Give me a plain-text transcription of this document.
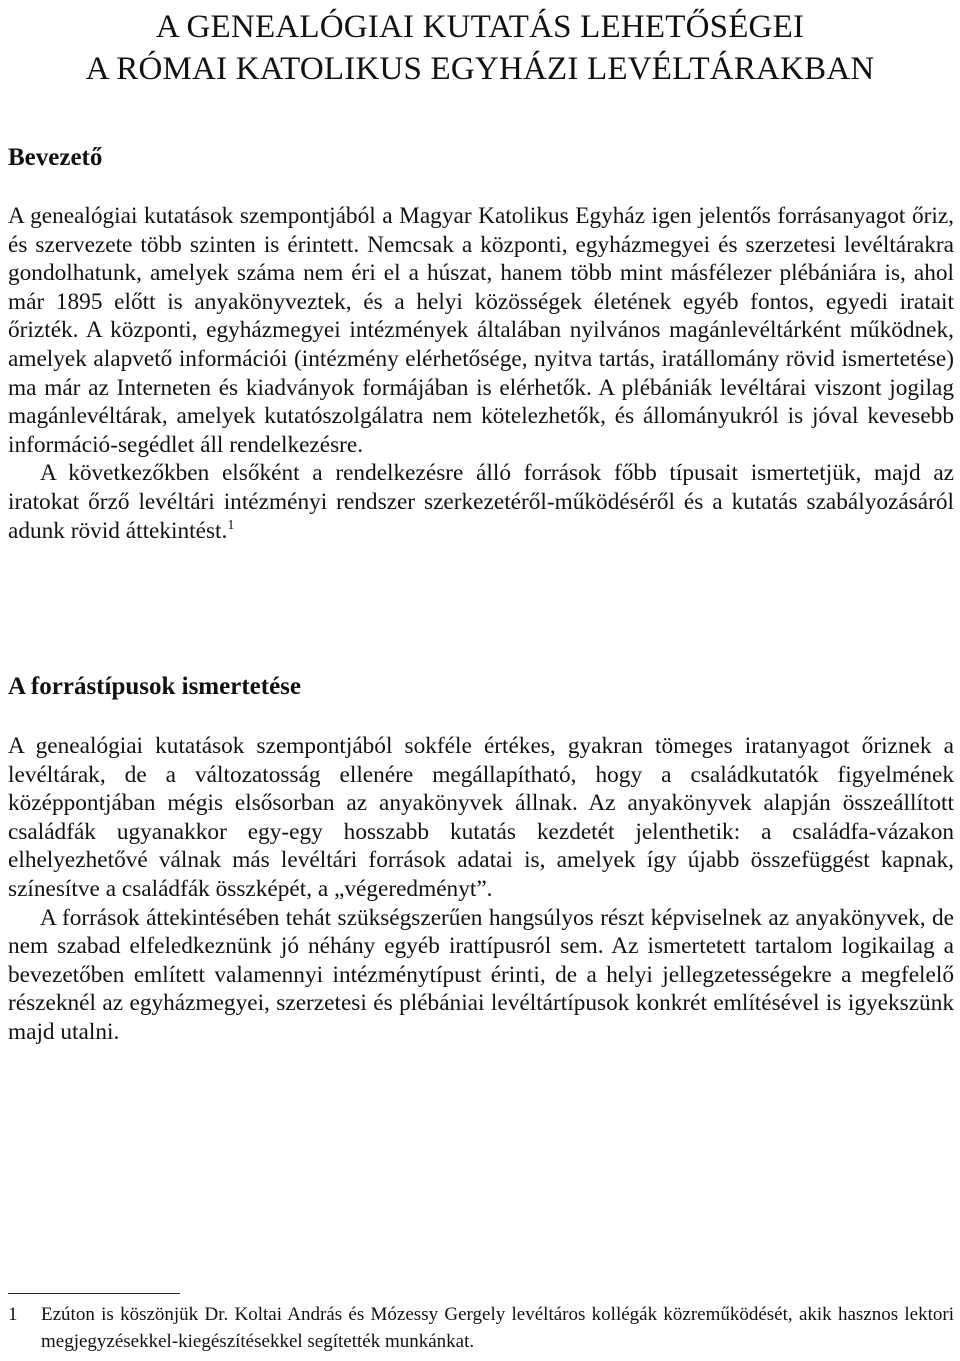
A GENEALÓGIAI KUTATÁS LEHETŐSÉGEI
A RÓMAI KATOLIKUS EGYHÁZI LEVÉLTÁRAKBAN
Bevezető

A genealógiai kutatások szempontjából a Magyar Katolikus Egyház igen jelentős forrásanyagot őriz, és szervezete több szinten is érintett. Nemcsak a központi, egyházmegyei és szerzetesi levéltárakra gondolhatunk, amelyek száma nem éri el a húszat, hanem több mint másfélezer plébániára is, ahol már 1895 előtt is anyakönyveztek, és a helyi közösségek életének egyéb fontos, egyedi iratait őrizték. A központi, egyházmegyei intézmények általában nyilvános magánlevéltárként működnek, amelyek alapvető információi (intézmény elérhetősége, nyitva tartás, iratállomány rövid ismertetése) ma már az Interneten és kiadványok formájában is elérhetők. A plébániák levéltárai viszont jogilag magánlevéltárak, amelyek kutatószolgálatra nem kötelezhetők, és állományukról is jóval kevesebb információ-segédlet áll rendelkezésre.

A következőkben elsőként a rendelkezésre álló források főbb típusait ismertetjük, majd az iratokat őrző levéltári intézményi rendszer szerkezetéről-működéséről és a kutatás szabályozásáról adunk rövid áttekintést.$^1$

A forrástípusok ismertetése

A genealógiai kutatások szempontjából sokféle értékes, gyakran tömeges iratanyagot őriznek a levéltárak, de a változatosság ellenére megállapítható, hogy a családkutatók figyelmének középpontjában mégis elsősorban az anyakönyvek állnak. Az anyakönyvek alapján összeállított családfák ugyanakkor egy-egy hosszabb kutatás kezdetét jelenthetik: a családfa-vázakon elhelyezhetővé válnak más levéltári források adatai is, amelyek így újabb összefüggést kapnak, színesítve a családfák összképét, a „végeredményt”.

A források áttekintésében tehát szükségszerűen hangsúlyos részt képviselnek az anyakönyvek, de nem szabad elfeledkeznünk jó néhány egyéb irattípusról sem. Az ismertetett tartalom logikailag a bevezetőben említett valamennyi intézménytípust érinti, de a helyi jellegzetességekre a megfelelő részeknél az egyházmegyei, szerzetesi és plébániai levéltártípusok konkrét említésével is igyekszünk majd utalni.

1 Ezúton is köszönjük Dr. Koltai András és Mózessy Gergely levéltáros kollégák közreműködését, akik hasznos lektori megjegyzésekkel-kiegészítésekkel segítették munkánkat.
